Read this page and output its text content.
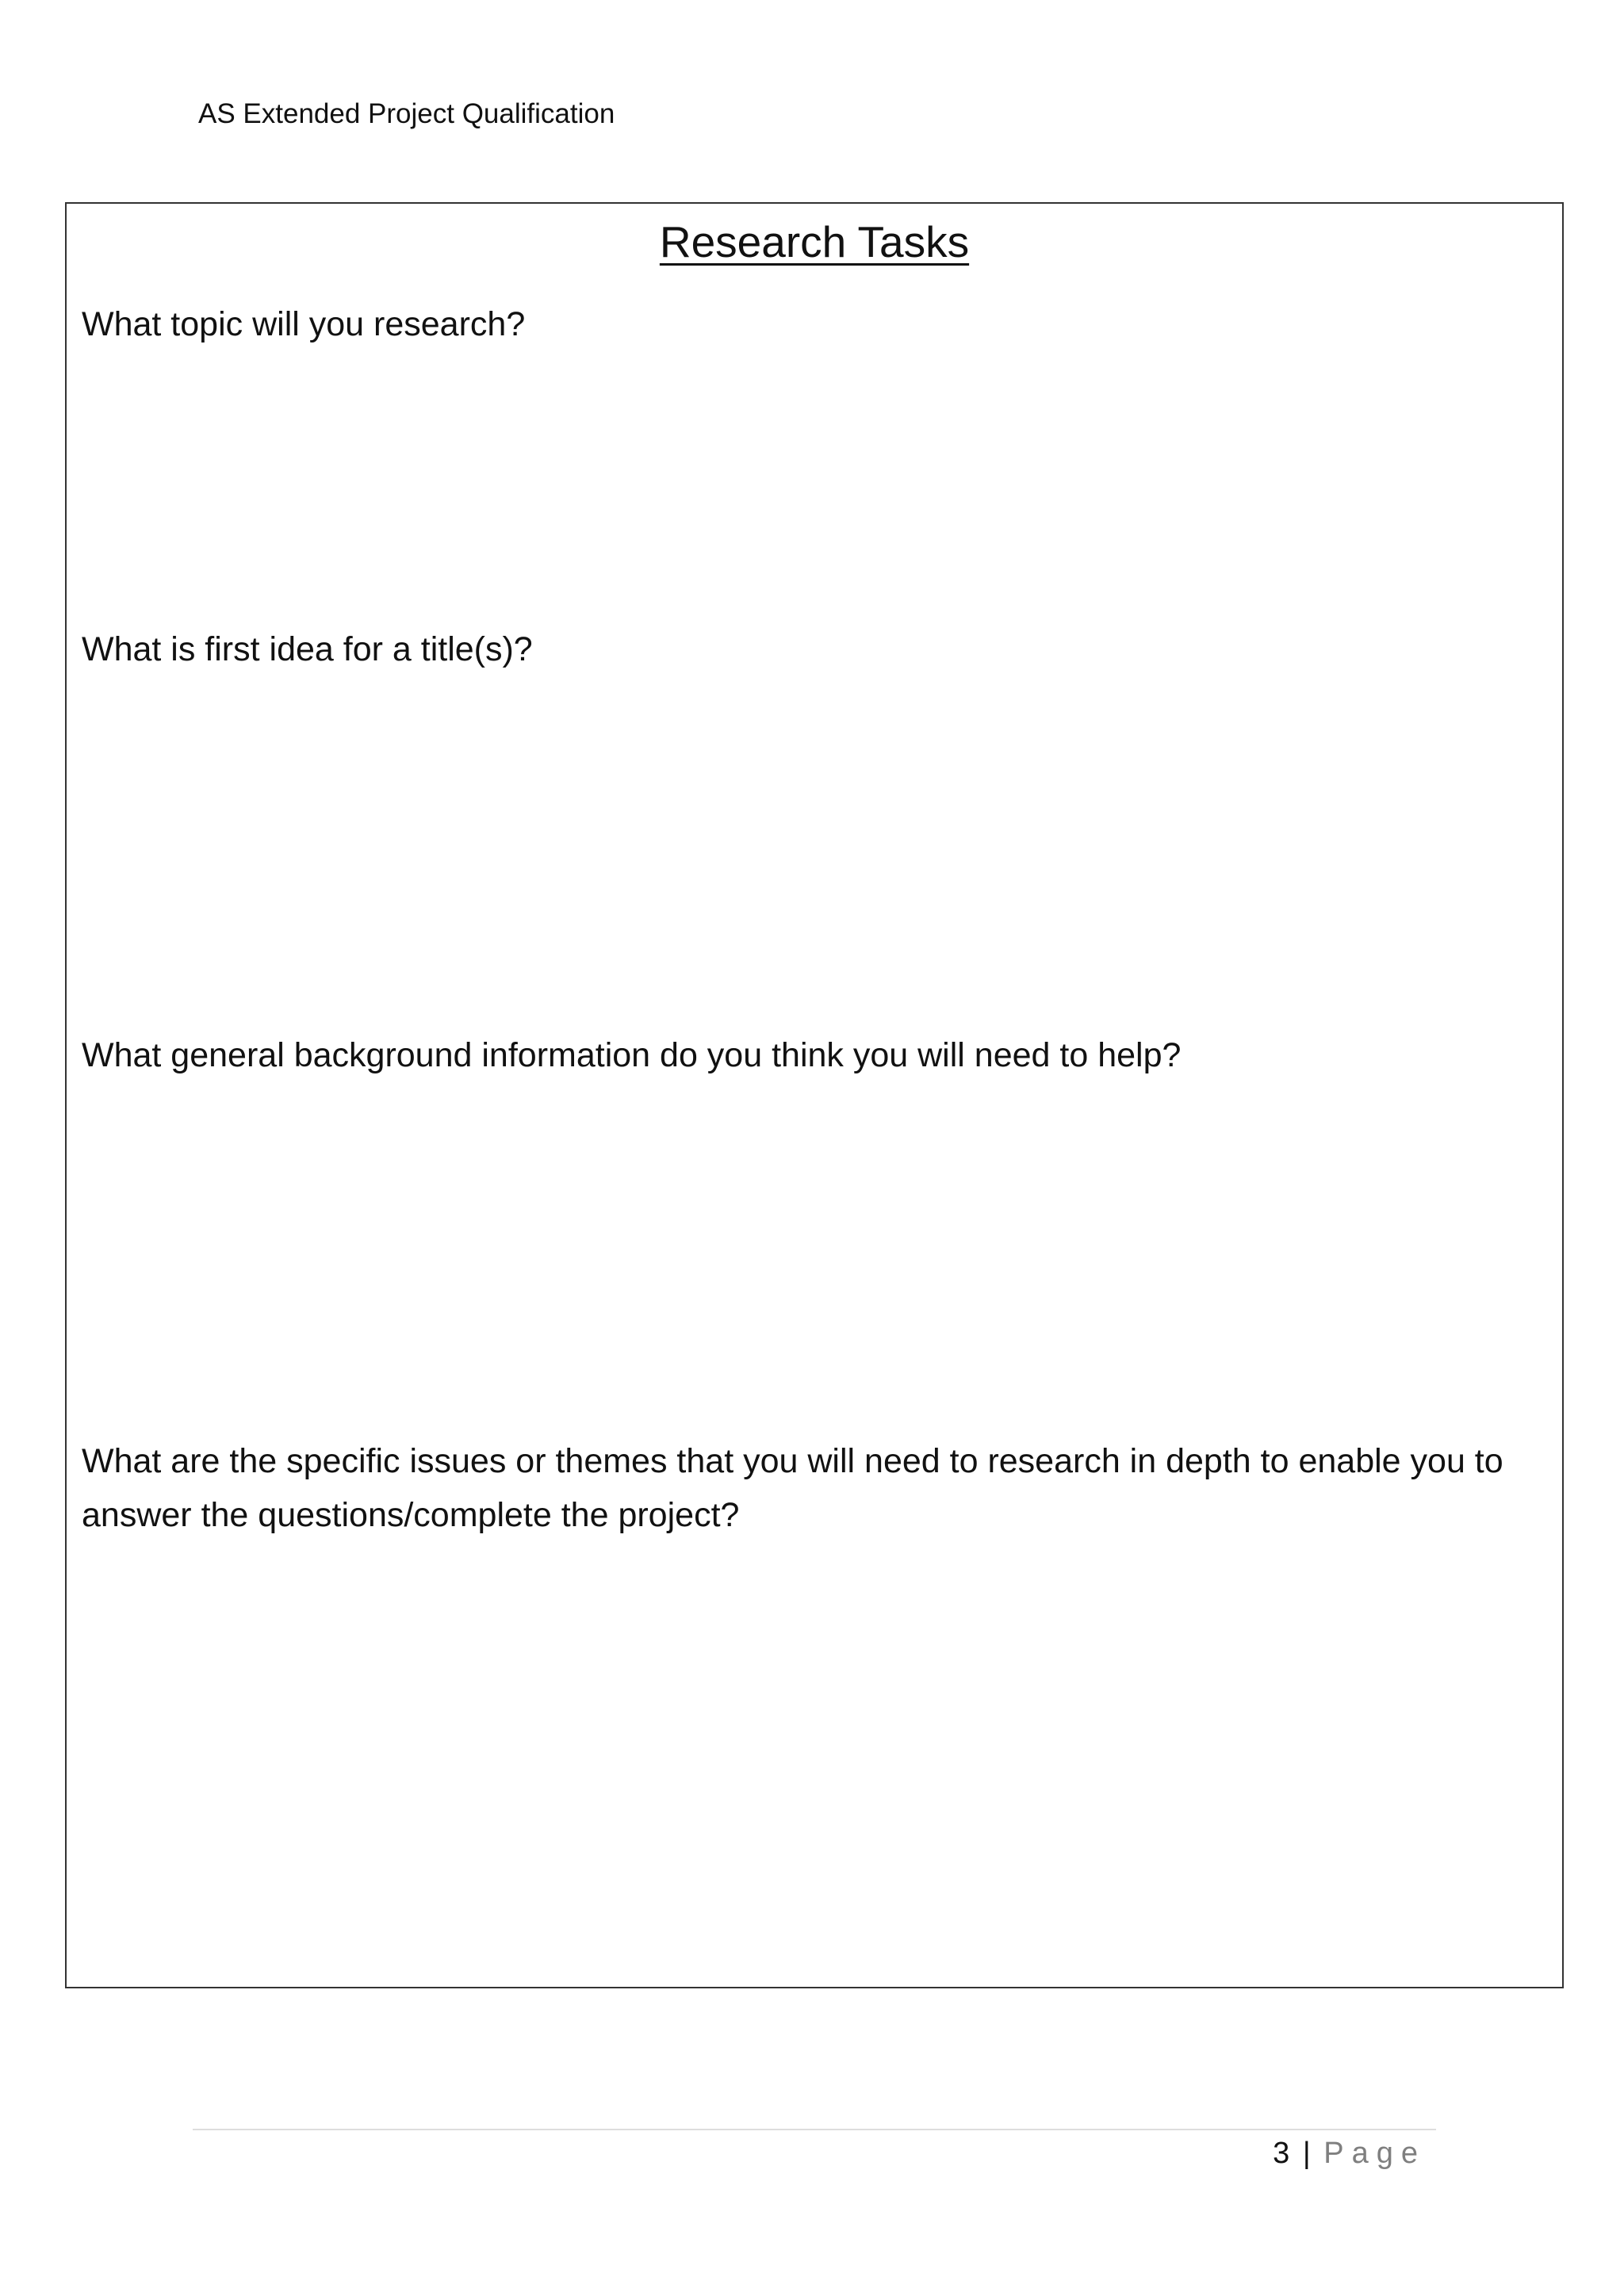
AS Extended Project Qualification
Research Tasks

What topic will you research?

What is first idea for a title(s)?

What general background information do you think you will need to help?

What are the specific issues or themes that you will need to research in depth to enable you to answer the questions/complete the project?

3 | Page
